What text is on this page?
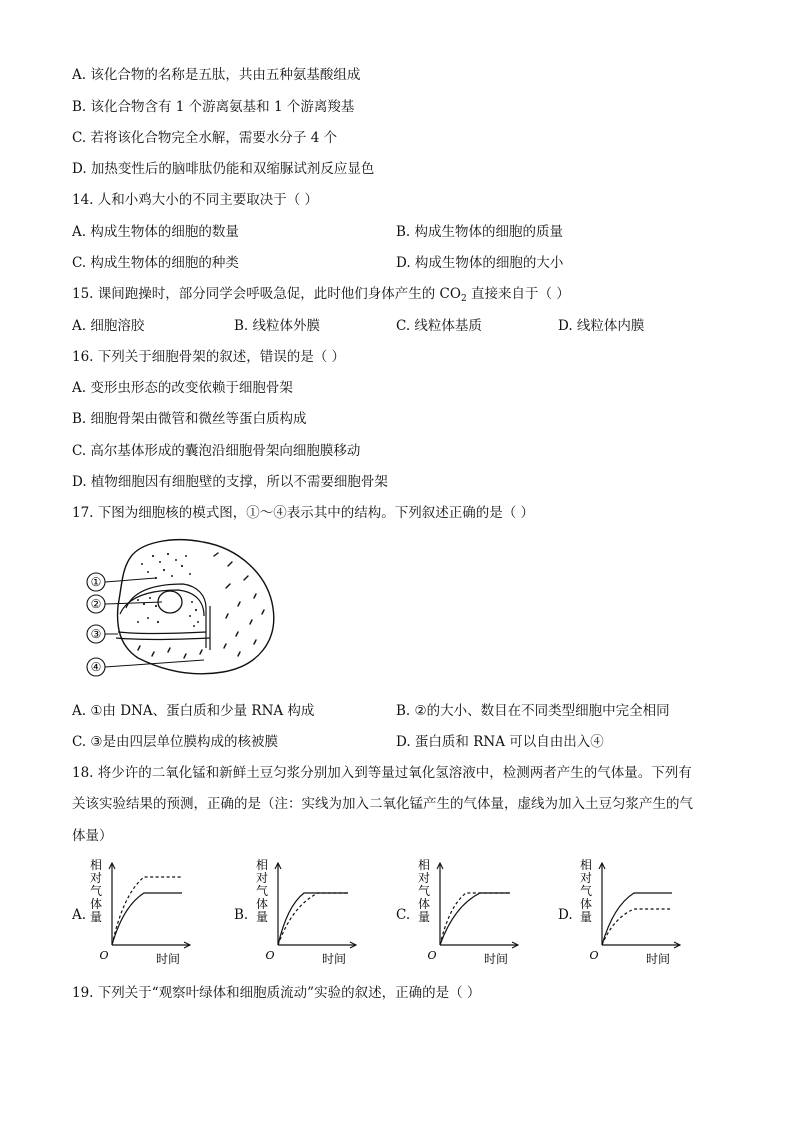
A. 该化合物的名称是五肽，共由五种氨基酸组成
B. 该化合物含有 1 个游离氨基和 1 个游离羧基
C. 若将该化合物完全水解，需要水分子 4 个
D. 加热变性后的脑啡肽仍能和双缩脲试剂反应显色
14. 人和小鸡大小的不同主要取决于（ ）
A. 构成生物体的细胞的数量	B. 构成生物体的细胞的质量
C. 构成生物体的细胞的种类	D. 构成生物体的细胞的大小
15. 课间跑操时，部分同学会呼吸急促，此时他们身体产生的 $CO_2$ 直接来自于（ ）
A. 细胞溶胶	B. 线粒体外膜	C. 线粒体基质	D. 线粒体内膜
16. 下列关于细胞骨架的叙述，错误的是（ ）
A. 变形虫形态的改变依赖于细胞骨架
B. 细胞骨架由微管和微丝等蛋白质构成
C. 高尔基体形成的囊泡沿细胞骨架向细胞膜移动
D. 植物细胞因有细胞壁的支撑，所以不需要细胞骨架
17. 下图为细胞核的模式图，①～④表示其中的结构。下列叙述正确的是（ ）
①
②
③
④
A. ①由 DNA、蛋白质和少量 RNA 构成	B. ②的大小、数目在不同类型细胞中完全相同
C. ③是由四层单位膜构成的核被膜	D. 蛋白质和 RNA 可以自由出入④
18. 将少许的二氧化锰和新鲜土豆匀浆分别加入到等量过氧化氢溶液中，检测两者产生的气体量。下列有
关该实验结果的预测，正确的是（注：实线为加入二氧化锰产生的气体量，虚线为加入土豆匀浆产生的气
体量）
A.	B.	C.	D.
相
对
气
体
量
时间
O
相
对
气
体
量
时间
O
相
对
气
体
量
时间
O
相
对
气
体
量
时间
O
19. 下列关于“观察叶绿体和细胞质流动”实验的叙述，正确的是（ ）
